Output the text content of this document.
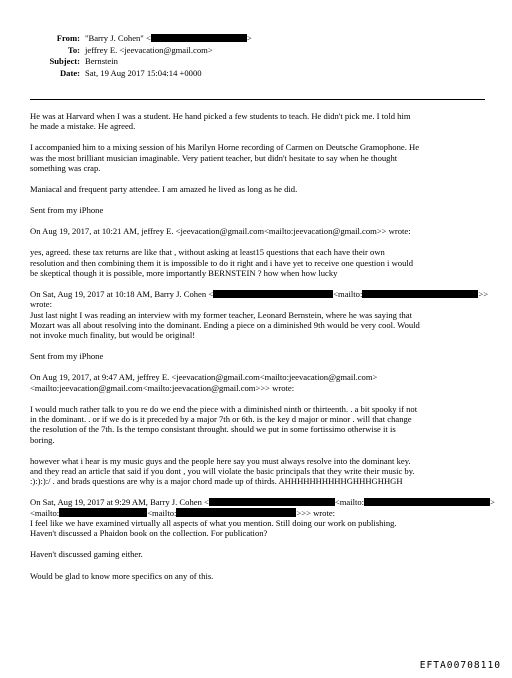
From: "Barry J. Cohen" <	>
To: jeffrey E. <jeevacation@gmail.com>
Subject: Bernstein
Date: Sat, 19 Aug 2017 15:04:14 +0000
He was at Harvard when I was a student. He hand picked a few students to teach. He didn't pick me. I told him
he made a mistake. He agreed.
I accompanied him to a mixing session of his Marilyn Horne recording of Carmen on Deutsche Gramophone. He
was the most brilliant musician imaginable. Very patient teacher, but didn't hesitate to say when he thought
something was crap.
Maniacal and frequent party attendee. I am amazed he lived as long as he did.
Sent from my iPhone
On Aug 19, 2017, at 10:21 AM, jeffrey E. <jeevacation@gmail.com<mailto:jeevacation@gmail.com>> wrote:
yes, agreed. these tax returns are like that , without asking at least15 questions that each have their own
resolution and then combining them it is impossible to do it right and i have yet to receive one question i would
be skeptical though it is possible, more importantly BERNSTEIN ? how when how lucky
On Sat, Aug 19, 2017 at 10:18 AM, Barry J. Cohen <	<mailto:	>>
wrote:
Just last night I was reading an interview with my former teacher, Leonard Bernstein, where he was saying that
Mozart was all about resolving into the dominant. Ending a piece on a diminished 9th would be very cool. Would
not invoke much finality, but would be original!
Sent from my iPhone
On Aug 19, 2017, at 9:47 AM, jeffrey E. <jeevacation@gmail.com<mailto:jeevacation@gmail.com>
<mailto:jeevacation@gmail.com<mailto:jeevacation@gmail.com>>> wrote:
I would much rather talk to you re do we end the piece with a diminished ninth or thirteenth. . a bit spooky if not
in the dominant. . or if we do is it preceded by a major 7th or 6th. is the key d major or minor . will that change
the resolution of the 7th. Is the tempo consistant throught. should we put in some fortissimo otherwise it is
boring.
however what i hear is my music guys and the people here say you must always resolve into the dominant key.
and they read an article that said if you dont , you will violate the basic principals that they write their music by.
:):):):/ . and brads questions are why is a major chord made up of thirds. AHHHHHHHHHHGHHHGHHGH
On Sat, Aug 19, 2017 at 9:29 AM, Barry J. Cohen <	<mailto:	>
<mailto:	<mailto:	>>> wrote:
I feel like we have examined virtually all aspects of what you mention. Still doing our work on publishing.
Haven't discussed a Phaidon book on the collection. For publication?
Haven't discussed gaming either.
Would be glad to know more specifics on any of this.
EFTA00708110
